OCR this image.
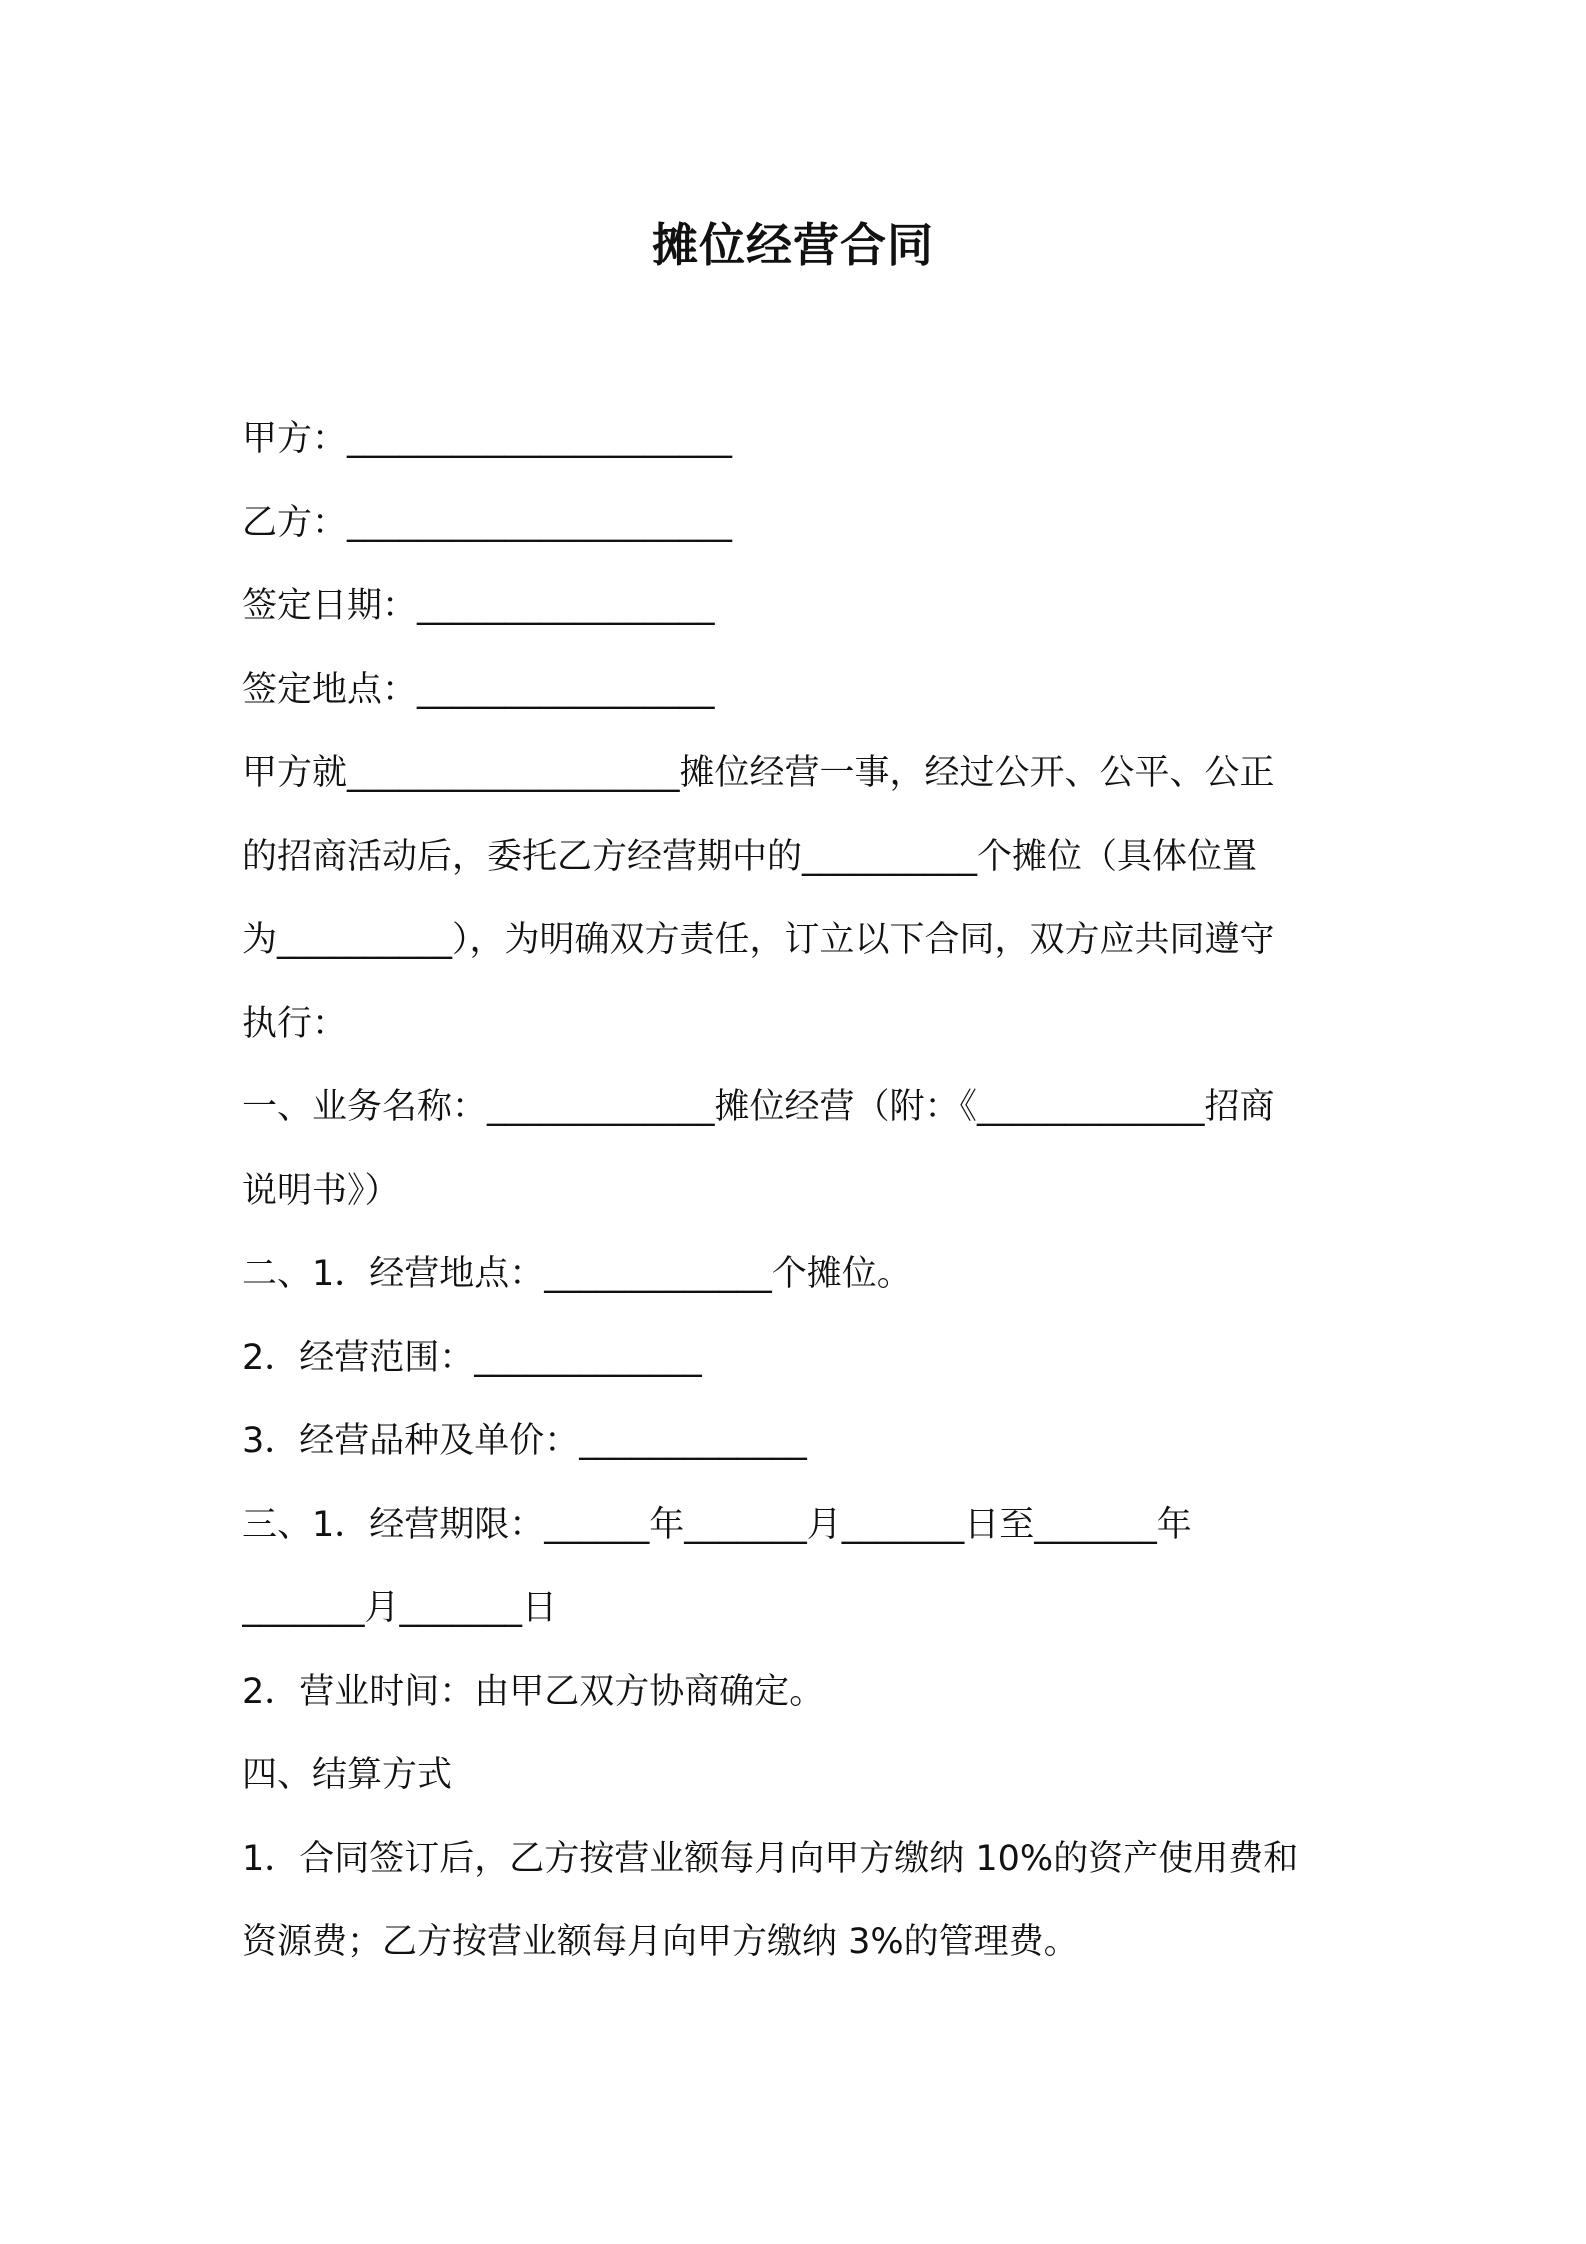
摊位经营合同
甲方：______________________
乙方：______________________
签定日期：_________________
签定地点：_________________
甲方就___________________摊位经营一事，经过公开、公平、公正
的招商活动后，委托乙方经营期中的__________个摊位（具体位置
为__________），为明确双方责任，订立以下合同，双方应共同遵守
执行：
一、业务名称：_____________摊位经营（附：《_____________招商
说明书》）
二、1．经营地点：_____________个摊位。
2．经营范围：_____________
3．经营品种及单价：_____________
三、1．经营期限：______年_______月_______日至_______年
_______月_______日
2．营业时间：由甲乙双方协商确定。
四、结算方式
1．合同签订后，乙方按营业额每月向甲方缴纳 10%的资产使用费和
资源费；乙方按营业额每月向甲方缴纳 3%的管理费。
